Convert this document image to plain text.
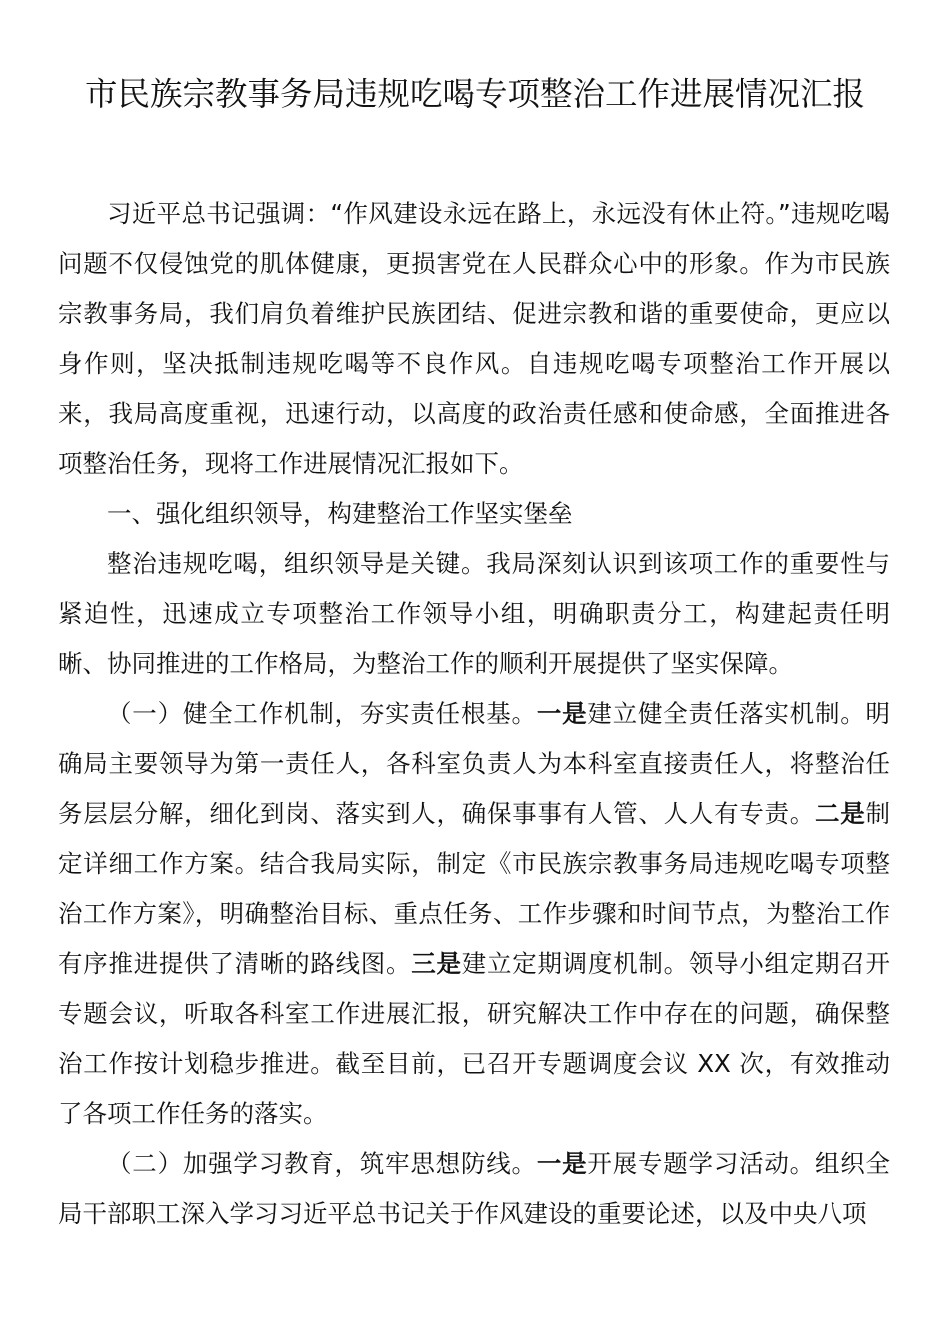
市民族宗教事务局违规吃喝专项整治工作进展情况汇报

习近平总书记强调：“作风建设永远在路上，永远没有休止符。”违规吃喝问题不仅侵蚀党的肌体健康，更损害党在人民群众心中的形象。作为市民族宗教事务局，我们肩负着维护民族团结、促进宗教和谐的重要使命，更应以身作则，坚决抵制违规吃喝等不良作风。自违规吃喝专项整治工作开展以来，我局高度重视，迅速行动，以高度的政治责任感和使命感，全面推进各项整治任务，现将工作进展情况汇报如下。

一、强化组织领导，构建整治工作坚实堡垒

整治违规吃喝，组织领导是关键。我局深刻认识到该项工作的重要性与紧迫性，迅速成立专项整治工作领导小组，明确职责分工，构建起责任明晰、协同推进的工作格局，为整治工作的顺利开展提供了坚实保障。

（一）健全工作机制，夯实责任根基。一是建立健全责任落实机制。明确局主要领导为第一责任人，各科室负责人为本科室直接责任人，将整治任务层层分解，细化到岗、落实到人，确保事事有人管、人人有专责。二是制定详细工作方案。结合我局实际，制定《市民族宗教事务局违规吃喝专项整治工作方案》，明确整治目标、重点任务、工作步骤和时间节点，为整治工作有序推进提供了清晰的路线图。三是建立定期调度机制。领导小组定期召开专题会议，听取各科室工作进展汇报，研究解决工作中存在的问题，确保整治工作按计划稳步推进。截至目前，已召开专题调度会议 XX 次，有效推动了各项工作任务的落实。

（二）加强学习教育，筑牢思想防线。一是开展专题学习活动。组织全局干部职工深入学习习近平总书记关于作风建设的重要论述，以及中央八项
